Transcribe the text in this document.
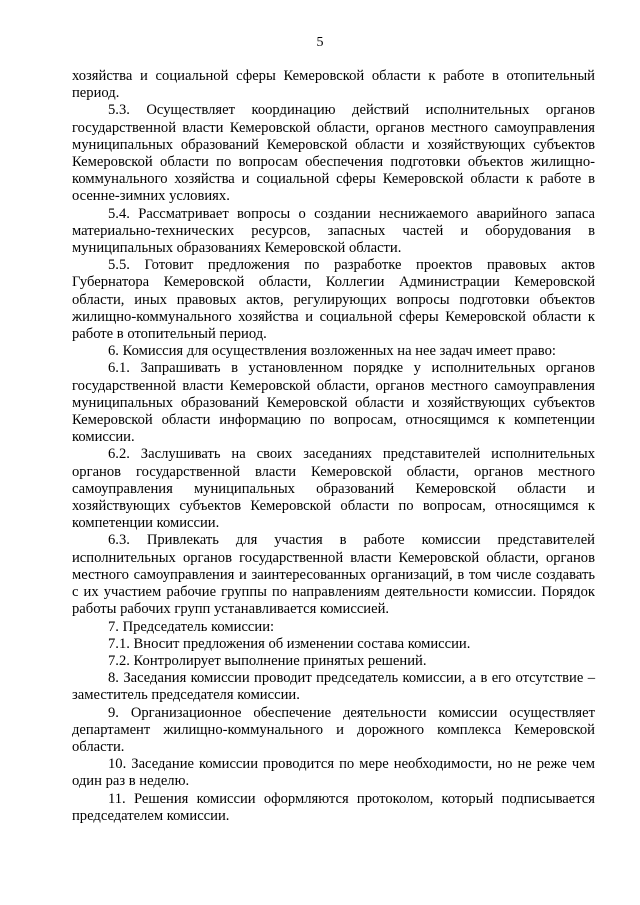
5

хозяйства и социальной сферы Кемеровской области к работе в отопительный период.

5.3. Осуществляет координацию действий исполнительных органов государственной власти Кемеровской области, органов местного самоуправления муниципальных образований Кемеровской области и хозяйствующих субъектов Кемеровской области по вопросам обеспечения подготовки объектов жилищно-коммунального хозяйства и социальной сферы Кемеровской области к работе в осенне-зимних условиях.

5.4. Рассматривает вопросы о создании неснижаемого аварийного запаса материально-технических ресурсов, запасных частей и оборудования в муниципальных образованиях Кемеровской области.

5.5. Готовит предложения по разработке проектов правовых актов Губернатора Кемеровской области, Коллегии Администрации Кемеровской области, иных правовых актов, регулирующих вопросы подготовки объектов жилищно-коммунального хозяйства и социальной сферы Кемеровской области к работе в отопительный период.

6. Комиссия для осуществления возложенных на нее задач имеет право:

6.1. Запрашивать в установленном порядке у исполнительных органов государственной власти Кемеровской области, органов местного самоуправления муниципальных образований Кемеровской области и хозяйствующих субъектов Кемеровской области информацию по вопросам, относящимся к компетенции комиссии.

6.2. Заслушивать на своих заседаниях представителей исполнительных органов государственной власти Кемеровской области, органов местного самоуправления муниципальных образований Кемеровской области и хозяйствующих субъектов Кемеровской области по вопросам, относящимся к компетенции комиссии.

6.3. Привлекать для участия в работе комиссии представителей исполнительных органов государственной власти Кемеровской области, органов местного самоуправления и заинтересованных организаций, в том числе создавать с их участием рабочие группы по направлениям деятельности комиссии. Порядок работы рабочих групп устанавливается комиссией.

7. Председатель комиссии:

7.1. Вносит предложения об изменении состава комиссии.

7.2. Контролирует выполнение принятых решений.

8. Заседания комиссии проводит председатель комиссии, а в его отсутствие – заместитель председателя комиссии.

9. Организационное обеспечение деятельности комиссии осуществляет департамент жилищно-коммунального и дорожного комплекса Кемеровской области.

10. Заседание комиссии проводится по мере необходимости, но не реже чем один раз в неделю.

11. Решения комиссии оформляются протоколом, который подписывается председателем комиссии.
